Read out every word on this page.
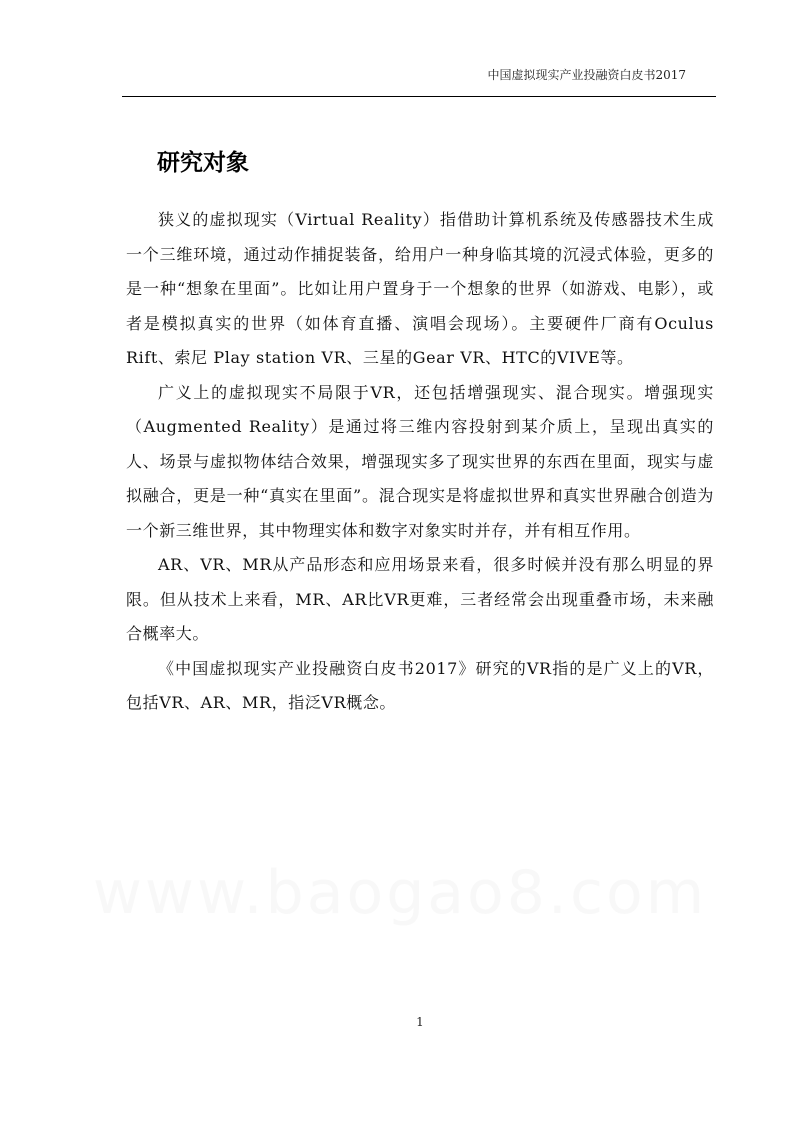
中国虚拟现实产业投融资白皮书2017
研究对象

狭义的虚拟现实（Virtual Reality）指借助计算机系统及传感器技术生成一个三维环境，通过动作捕捉装备，给用户一种身临其境的沉浸式体验，更多的是一种“想象在里面”。比如让用户置身于一个想象的世界（如游戏、电影），或者是模拟真实的世界（如体育直播、演唱会现场）。主要硬件厂商有Oculus Rift、索尼 Play station VR、三星的Gear VR、HTC的VIVE等。

广义上的虚拟现实不局限于VR，还包括增强现实、混合现实。增强现实（Augmented Reality）是通过将三维内容投射到某介质上，呈现出真实的人、场景与虚拟物体结合效果，增强现实多了现实世界的东西在里面，现实与虚拟融合，更是一种“真实在里面”。混合现实是将虚拟世界和真实世界融合创造为一个新三维世界，其中物理实体和数字对象实时并存，并有相互作用。

AR、VR、MR从产品形态和应用场景来看，很多时候并没有那么明显的界限。但从技术上来看，MR、AR比VR更难，三者经常会出现重叠市场，未来融合概率大。

《中国虚拟现实产业投融资白皮书2017》研究的VR指的是广义上的VR，包括VR、AR、MR，指泛VR概念。

www.baogao8.com
1
